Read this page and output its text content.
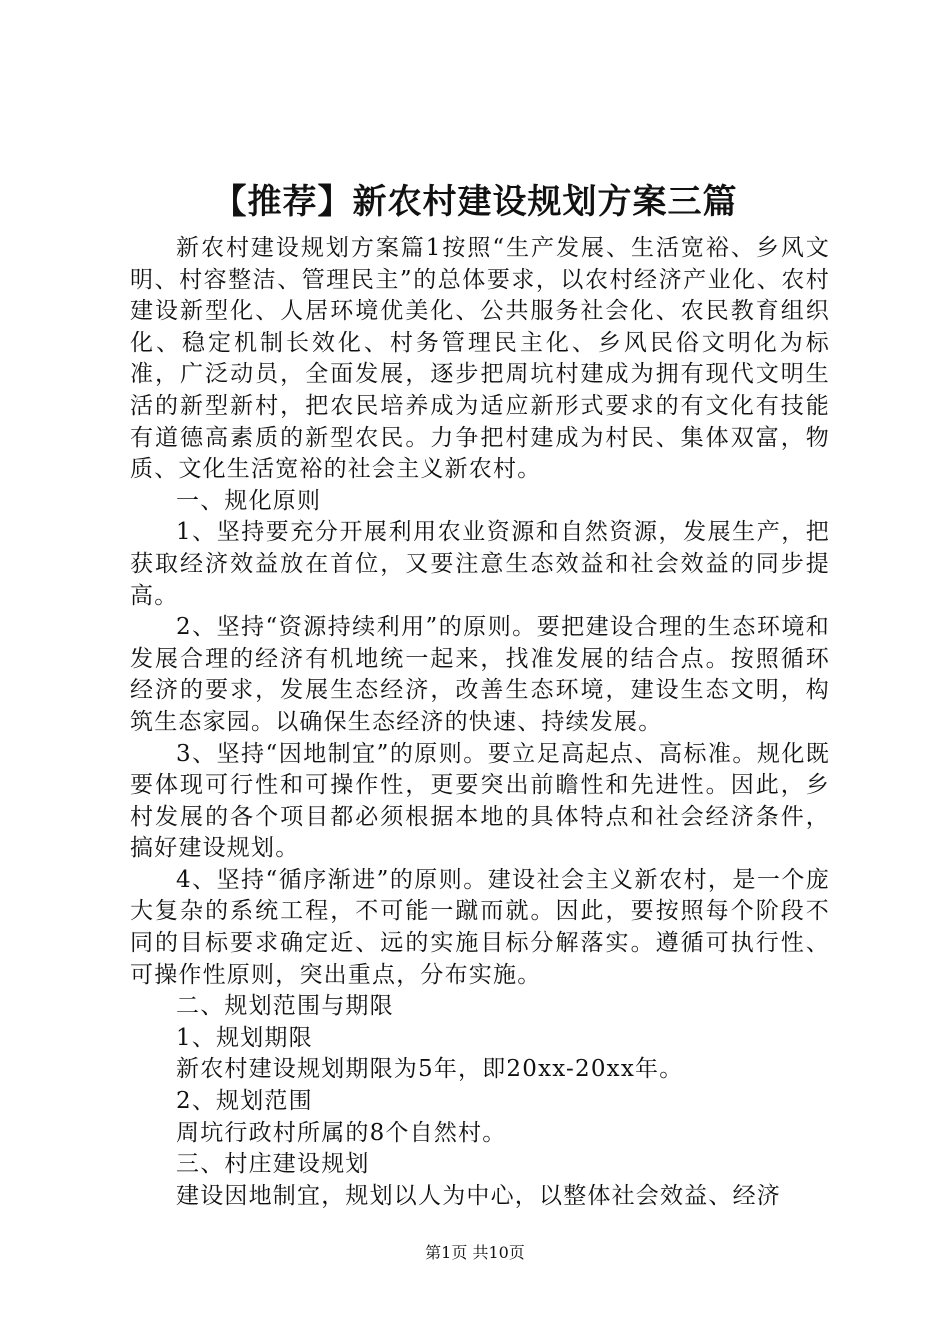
【推荐】新农村建设规划方案三篇

新农村建设规划方案篇1按照“生产发展、生活宽裕、乡风文明、村容整洁、管理民主”的总体要求，以农村经济产业化、农村建设新型化、人居环境优美化、公共服务社会化、农民教育组织化、稳定机制长效化、村务管理民主化、乡风民俗文明化为标准，广泛动员，全面发展，逐步把周坑村建成为拥有现代文明生活的新型新村，把农民培养成为适应新形式要求的有文化有技能有道德高素质的新型农民。力争把村建成为村民、集体双富，物质、文化生活宽裕的社会主义新农村。

一、规化原则

1、坚持要充分开展利用农业资源和自然资源，发展生产，把获取经济效益放在首位，又要注意生态效益和社会效益的同步提高。

2、坚持“资源持续利用”的原则。要把建设合理的生态环境和发展合理的经济有机地统一起来，找准发展的结合点。按照循环经济的要求，发展生态经济，改善生态环境，建设生态文明，构筑生态家园。以确保生态经济的快速、持续发展。

3、坚持“因地制宜”的原则。要立足高起点、高标准。规化既要体现可行性和可操作性，更要突出前瞻性和先进性。因此，乡村发展的各个项目都必须根据本地的具体特点和社会经济条件，搞好建设规划。

4、坚持“循序渐进”的原则。建设社会主义新农村，是一个庞大复杂的系统工程，不可能一蹴而就。因此，要按照每个阶段不同的目标要求确定近、远的实施目标分解落实。遵循可执行性、可操作性原则，突出重点，分布实施。

二、规划范围与期限

1、规划期限

新农村建设规划期限为5年，即20xx-20xx年。

2、规划范围

周坑行政村所属的8个自然村。

三、村庄建设规划

建设因地制宜，规划以人为中心，以整体社会效益、经济

第1页 共10页
